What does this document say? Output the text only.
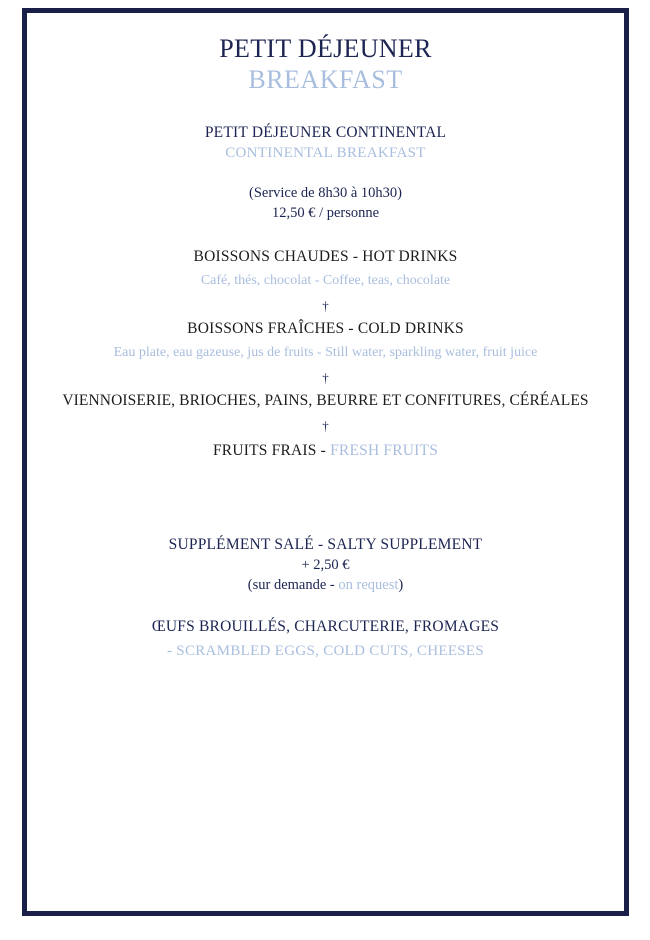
PETIT DÉJEUNER
BREAKFAST
PETIT DÉJEUNER CONTINENTAL
CONTINENTAL BREAKFAST
(Service de 8h30 à 10h30)
12,50 € / personne
BOISSONS CHAUDES - HOT DRINKS
Café, thés, chocolat - Coffee, teas, chocolate
†
BOISSONS FRAÎCHES - COLD DRINKS
Eau plate, eau gazeuse, jus de fruits - Still water, sparkling water, fruit juice
†
VIENNOISERIE, BRIOCHES, PAINS, BEURRE ET CONFITURES, CÉRÉALES
†
FRUITS FRAIS - FRESH FRUITS
SUPPLÉMENT SALÉ - SALTY SUPPLEMENT
+ 2,50 €
(sur demande - on request)
ŒUFS BROUILLÉS, CHARCUTERIE, FROMAGES
- SCRAMBLED EGGS, COLD CUTS, CHEESES
